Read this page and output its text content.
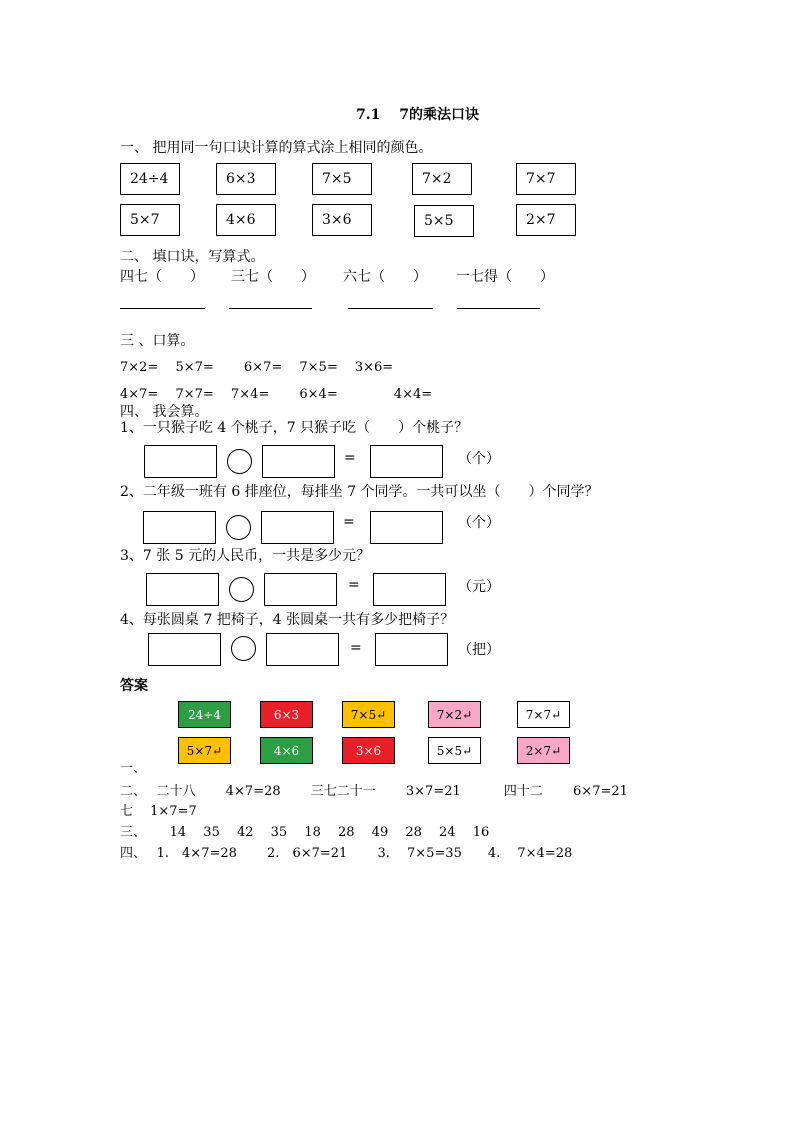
7.1　 7的乘法口诀
一、 把用同一句口诀计算的算式涂上相同的颜色。
24÷4	6×3	7×5	7×2	7×7
5×7	4×6	3×6	5×5	2×7
二、 填口诀，写算式。
四七（　　） 三七（　　） 六七（　　） 一七得（　　）
三 、口算。
7×2=　 5×7=　　 6×7=　 7×5=　 3×6=
4×7=　 7×7=　 7×4=　　 6×4=　　　　 4×4=
四、 我会算。
1、一只猴子吃 4 个桃子，7 只猴子吃（　　）个桃子？
=	（个）
2、二年级一班有 6 排座位，每排坐 7 个同学。一共可以坐（　　）个同学？
=	（个）
3、7 张 5 元的人民币，一共是多少元？
=	（元）
4、每张圆桌 7 把椅子，4 张圆桌一共有多少把椅子？
=	（把）
答案
24÷4	6×3	7×5↵	7×2↵	7×7↵
5×7↵	4×6	3×6	5×5↵	2×7↵
一、
二、　 二十八　　 4×7=28　　 三七二十一　　 3×7=21　　　 四十二　　 6×7=21
七　 1×7=7
三、　　 14　 35　 42　 35　 18　 28　 49　 28　 24　 16
四、　 1.　4×7=28　　 2.　6×7=21　　 3.　 7×5=35　　4.　 7×4=28
